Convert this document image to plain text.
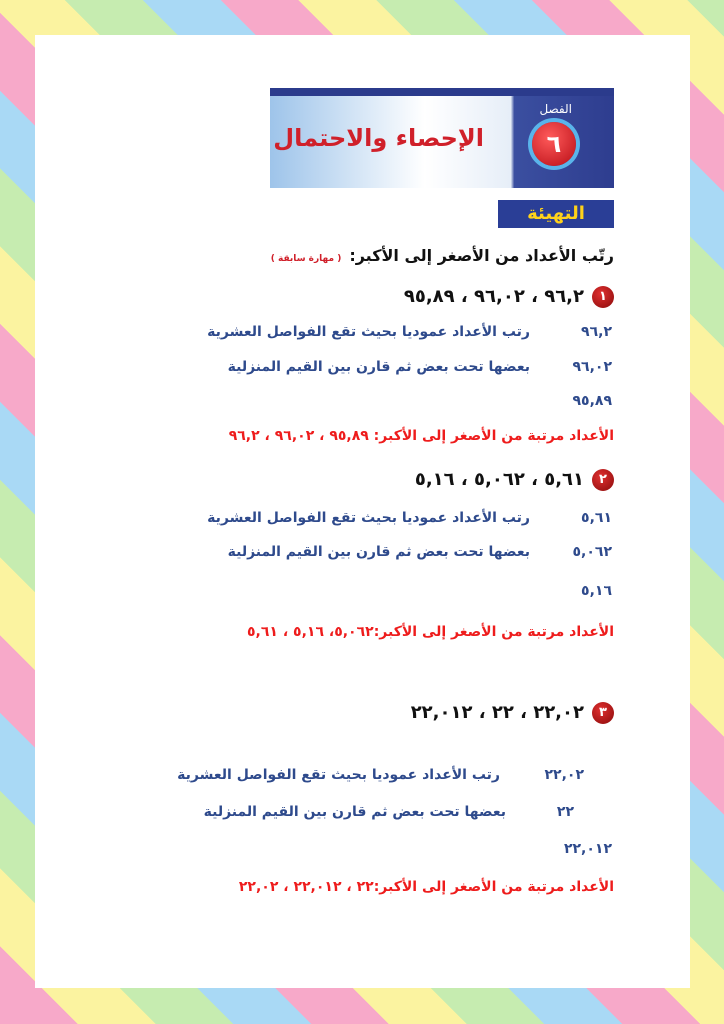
الفصل
٦
الإحصاء والاحتمال
التهيئة
رتّب الأعداد من الأصغر إلى الأكبر:( مهارة سابقة )
١٩٦,٢ ، ٩٦,٠٢ ، ٩٥,٨٩
٩٦,٢
رتب الأعداد عموديا بحيث تقع الفواصل العشرية
٩٦,٠٢
بعضها تحت بعض ثم قارن بين القيم المنزلية
٩٥,٨٩
الأعداد مرتبة من الأصغر إلى الأكبر: ٩٥,٨٩ ، ٩٦,٠٢ ، ٩٦,٢
٢٥,٦١ ، ٥,٠٦٢ ، ٥,١٦
٥,٦١
رتب الأعداد عموديا بحيث تقع الفواصل العشرية
٥,٠٦٢
بعضها تحت بعض ثم قارن بين القيم المنزلية
٥,١٦
الأعداد مرتبة من الأصغر إلى الأكبر:٥,٠٦٢، ٥,١٦ ، ٥,٦١
٣٢٢,٠٢ ، ٢٢ ، ٢٢,٠١٢
٢٢,٠٢
رتب الأعداد عموديا بحيث تقع الفواصل العشرية
٢٢
بعضها تحت بعض ثم قارن بين القيم المنزلية
٢٢,٠١٢
الأعداد مرتبة من الأصغر إلى الأكبر:٢٢ ، ٢٢,٠١٢ ، ٢٢,٠٢
